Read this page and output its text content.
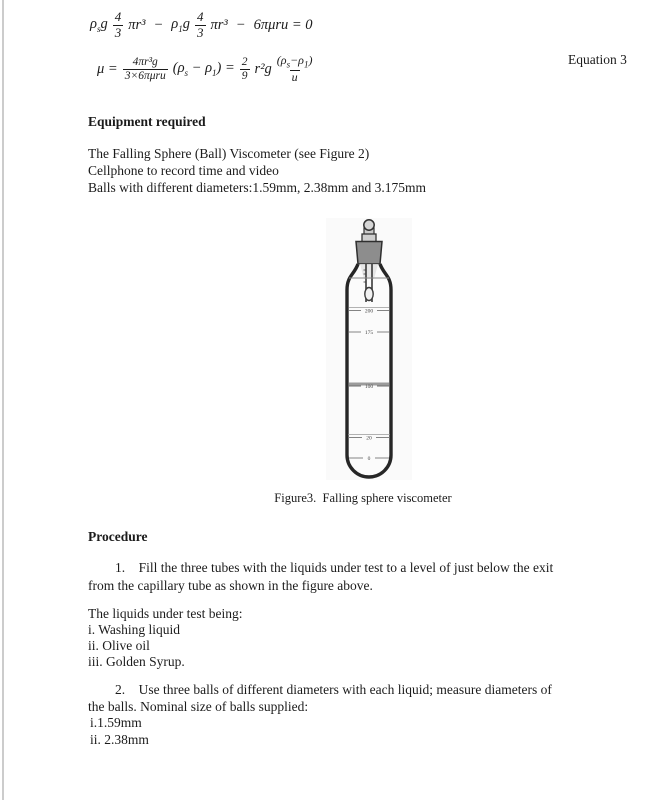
$\rho_sg \frac{4}{3} \pi r^3 - \rho_1g \frac{4}{3} \pi r^3 - 6\pi\mu ru = 0$
$\mu = \frac{\text{4πr³g}}{\text{3×6πμru}} (\rho_s - \rho_1) = \frac{2}{9} r^2g \frac{(\rho_s-\rho_1)}{u}$	Equation 3
Equipment required
The Falling Sphere (Ball) Viscometer (see Figure 2)
Cellphone to record time and video
Balls with different diameters:1.59mm, 2.38mm and 3.175mm
200
175
100
20
0
Figure3.  Falling sphere viscometer
Procedure
1.    Fill the three tubes with the liquids under test to a level of just below the exit
from the capillary tube as shown in the figure above.
The liquids under test being:
i. Washing liquid
ii. Olive oil
iii. Golden Syrup.
2.    Use three balls of different diameters with each liquid; measure diameters of
the balls. Nominal size of balls supplied:
i.1.59mm
ii. 2.38mm
